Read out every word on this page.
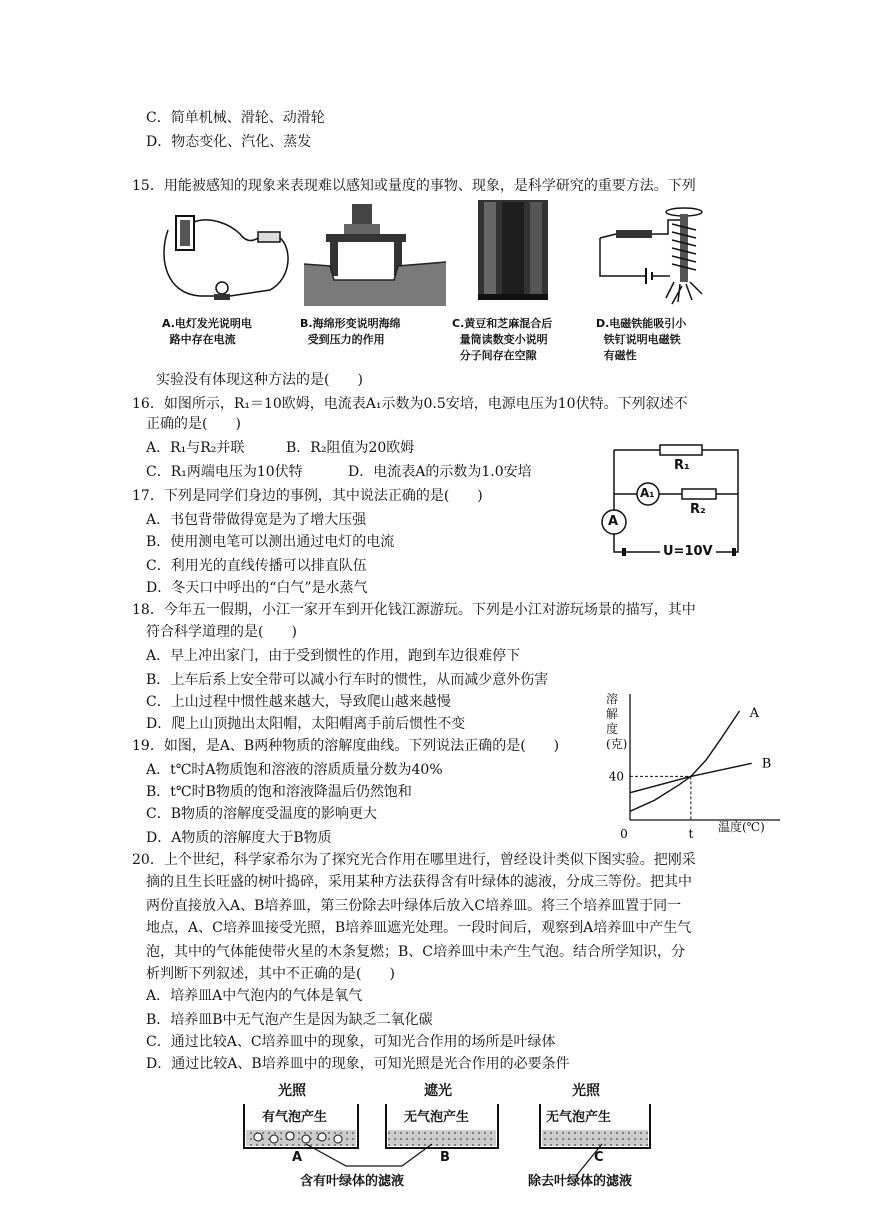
C．简单机械、滑轮、动滑轮
D．物态变化、汽化、蒸发
15．用能被感知的现象来表现难以感知或量度的事物、现象，是科学研究的重要方法。下列
A.电灯发光说明电
路中存在电流
B.海绵形变说明海绵
受到压力的作用
C.黄豆和芝麻混合后
量筒读数变小说明
分子间存在空隙
D.电磁铁能吸引小
铁钉说明电磁铁
有磁性
实验没有体现这种方法的是(　　)
16．如图所示，R₁＝10欧姆，电流表A₁示数为0.5安培，电源电压为10伏特。下列叙述不
正确的是(　　)
A．R₁与R₂并联	B．R₂阻值为20欧姆
C．R₁两端电压为10伏特	D．电流表A的示数为1.0安培	R₁
A₁
R₂
A
U=10V
17．下列是同学们身边的事例，其中说法正确的是(　　)
A．书包背带做得宽是为了增大压强
B．使用测电笔可以测出通过电灯的电流
C．利用光的直线传播可以排直队伍
D．冬天口中呼出的“白气”是水蒸气
18．今年五一假期，小江一家开车到开化钱江源游玩。下列是小江对游玩场景的描写，其中
符合科学道理的是(　　)
A．早上冲出家门，由于受到惯性的作用，跑到车边很难停下
B．上车后系上安全带可以减小行车时的惯性，从而减少意外伤害
C．上山过程中惯性越来越大，导致爬山越来越慢
D．爬上山顶抛出太阳帽，太阳帽离手前后惯性不变
19．如图，是A、B两种物质的溶解度曲线。下列说法正确的是(　　)
A．t℃时A物质饱和溶液的溶质质量分数为40%
B．t℃时B物质的饱和溶液降温后仍然饱和
C．B物质的溶解度受温度的影响更大
D．A物质的溶解度大于B物质	0	t
40
A
B
溶解度(克)
温度(℃)
20．上个世纪，科学家希尔为了探究光合作用在哪里进行，曾经设计类似下图实验。把刚采
摘的且生长旺盛的树叶捣碎，采用某种方法获得含有叶绿体的滤液，分成三等份。把其中
两份直接放入A、B培养皿，第三份除去叶绿体后放入C培养皿。将三个培养皿置于同一
地点，A、C培养皿接受光照，B培养皿遮光处理。一段时间后，观察到A培养皿中产生气
泡，其中的气体能使带火星的木条复燃；B、C培养皿中未产生气泡。结合所学知识，分
析判断下列叙述，其中不正确的是(　　)
A．培养皿A中气泡内的气体是氧气
B．培养皿B中无气泡产生是因为缺乏二氧化碳
C．通过比较A、C培养皿中的现象，可知光合作用的场所是叶绿体
D．通过比较A、B培养皿中的现象，可知光照是光合作用的必要条件
光照	遮光	光照
有气泡产生	无气泡产生	无气泡产生
A	B	C
含有叶绿体的滤液	除去叶绿体的滤液
